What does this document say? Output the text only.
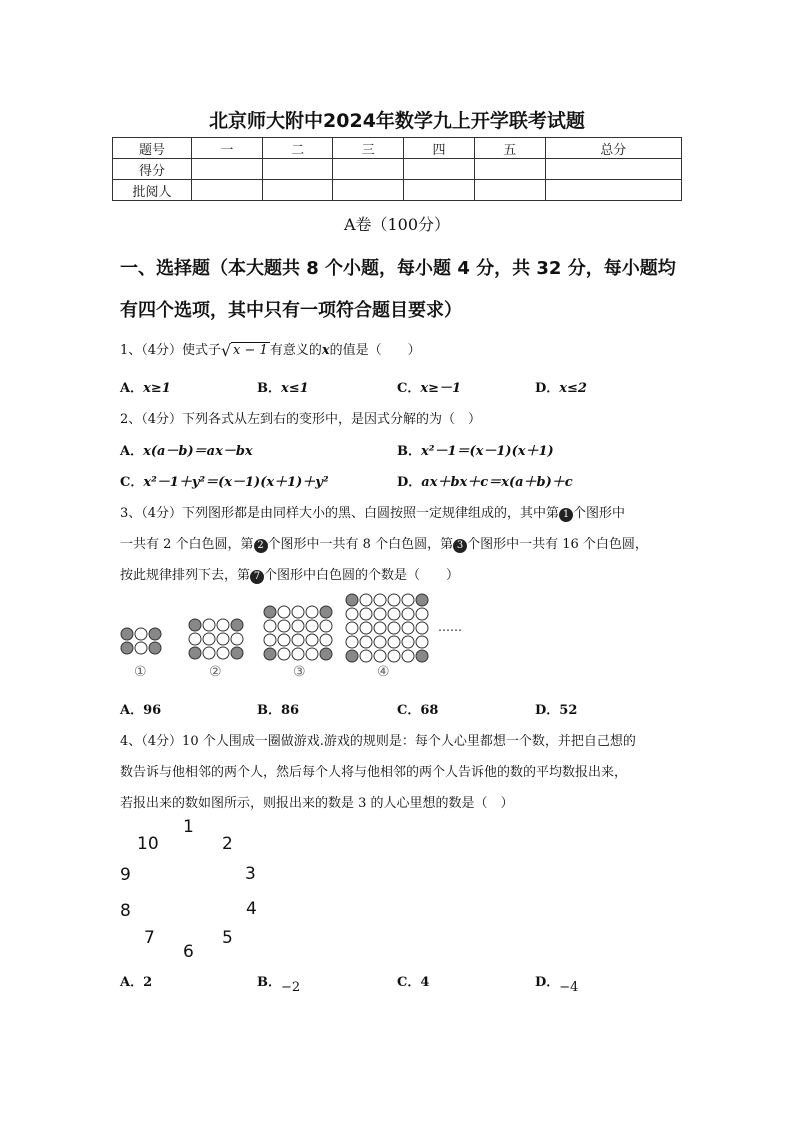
北京师大附中2024年数学九上开学联考试题
题号	一	二	三	四	五	总分
得分						
批阅人						
A卷（100分）
一、选择题（本大题共 8 个小题，每小题 4 分，共 32 分，每小题均
有四个选项，其中只有一项符合题目要求）
1、（4分）使式子 √ x − 1 有意义的x的值是（　　）
A．x≥1	B．x≤1	C．x≥－1	D．x≤2
2、（4分）下列各式从左到右的变形中，是因式分解的为（　）
A．x(a－b)＝ax－bx	B．x²－1＝(x－1)(x＋1)
C．x²－1＋y²＝(x－1)(x＋1)＋y²	D．ax＋bx＋c＝x(a＋b)＋c
3、（4分）下列图形都是由同样大小的黑、白圆按照一定规律组成的，其中第 1 个图形中
一共有 2 个白色圆，第 2 个图形中一共有 8 个白色圆，第 3 个图形中一共有 16 个白色圆，
按此规律排列下去，第 7 个图形中白色圆的个数是（　　）
……
①	②	③	④
A．96	B．86	C．68	D．52
4、（4分）10 个人围成一圈做游戏.游戏的规则是：每个人心里都想一个数，并把自己想的
数告诉与他相邻的两个人，然后每个人将与他相邻的两个人告诉他的数的平均数报出来，
若报出来的数如图所示，则报出来的数是 3 的人心里想的数是（　）
1
2
3
4
5
6
7
8
9
10
A．2	B．−2	C．4	D．−4
